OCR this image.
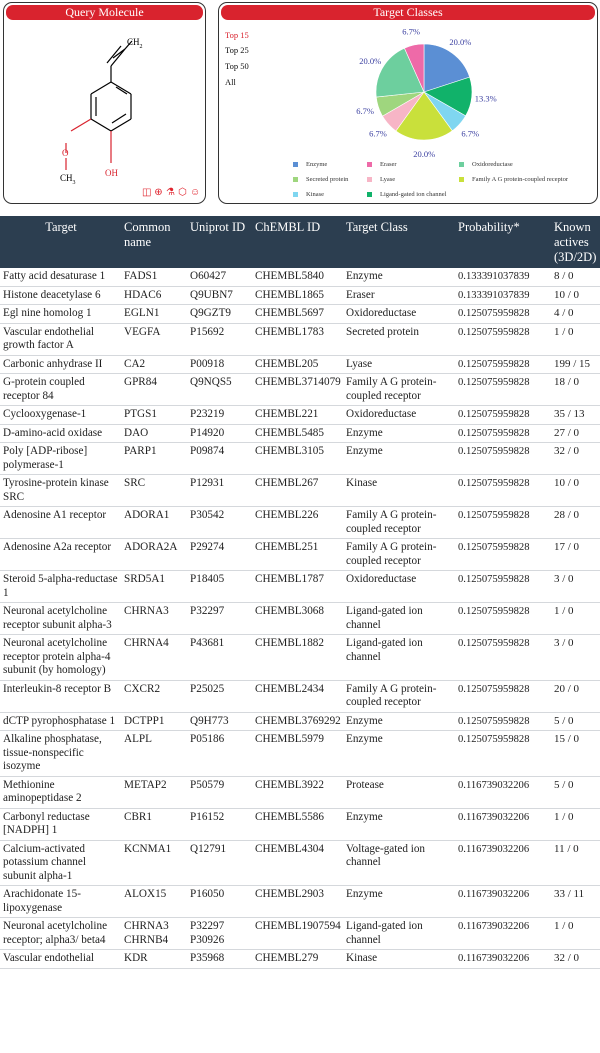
Query Molecule
$CH_2$
O
$CH_3$
OH
◫ ⊕ ⚗ ⬡ ☺
Target Classes
Top 15
Top 25
Top 50
All
20.0%
13.3%
6.7%
20.0%
6.7%
6.7%
20.0%
6.7%
Enzyme	Eraser	Oxidoreductase
Secreted protein	Lyase	Family A G protein-coupled receptor
Kinase	Ligand-gated ion channel
Target	Common name	Uniprot ID	ChEMBL ID	Target Class	Probability*	Known actives (3D/2D)
Fatty acid desaturase 1	FADS1	O60427	CHEMBL5840	Enzyme	0.133391037839	8 / 0
Histone deacetylase 6	HDAC6	Q9UBN7	CHEMBL1865	Eraser	0.133391037839	10 / 0
Egl nine homolog 1	EGLN1	Q9GZT9	CHEMBL5697	Oxidoreductase	0.125075959828	4 / 0
Vascular endothelial growth factor A	VEGFA	P15692	CHEMBL1783	Secreted protein	0.125075959828	1 / 0
Carbonic anhydrase II	CA2	P00918	CHEMBL205	Lyase	0.125075959828	199 / 15
G-protein coupled receptor 84	GPR84	Q9NQS5	CHEMBL3714079	Family A G protein-coupled receptor	0.125075959828	18 / 0
Cyclooxygenase-1	PTGS1	P23219	CHEMBL221	Oxidoreductase	0.125075959828	35 / 13
D-amino-acid oxidase	DAO	P14920	CHEMBL5485	Enzyme	0.125075959828	27 / 0
Poly [ADP-ribose] polymerase-1	PARP1	P09874	CHEMBL3105	Enzyme	0.125075959828	32 / 0
Tyrosine-protein kinase SRC	SRC	P12931	CHEMBL267	Kinase	0.125075959828	10 / 0
Adenosine A1 receptor	ADORA1	P30542	CHEMBL226	Family A G protein-coupled receptor	0.125075959828	28 / 0
Adenosine A2a receptor	ADORA2A	P29274	CHEMBL251	Family A G protein-coupled receptor	0.125075959828	17 / 0
Steroid 5-alpha-reductase 1	SRD5A1	P18405	CHEMBL1787	Oxidoreductase	0.125075959828	3 / 0
Neuronal acetylcholine receptor subunit alpha-3	CHRNA3	P32297	CHEMBL3068	Ligand-gated ion channel	0.125075959828	1 / 0
Neuronal acetylcholine receptor protein alpha-4 subunit (by homology)	CHRNA4	P43681	CHEMBL1882	Ligand-gated ion channel	0.125075959828	3 / 0
Interleukin-8 receptor B	CXCR2	P25025	CHEMBL2434	Family A G protein-coupled receptor	0.125075959828	20 / 0
dCTP pyrophosphatase 1	DCTPP1	Q9H773	CHEMBL3769292	Enzyme	0.125075959828	5 / 0
Alkaline phosphatase, tissue-nonspecific isozyme	ALPL	P05186	CHEMBL5979	Enzyme	0.125075959828	15 / 0
Methionine aminopeptidase 2	METAP2	P50579	CHEMBL3922	Protease	0.116739032206	5 / 0
Carbonyl reductase [NADPH] 1	CBR1	P16152	CHEMBL5586	Enzyme	0.116739032206	1 / 0
Calcium-activated potassium channel subunit alpha-1	KCNMA1	Q12791	CHEMBL4304	Voltage-gated ion channel	0.116739032206	11 / 0
Arachidonate 15-lipoxygenase	ALOX15	P16050	CHEMBL2903	Enzyme	0.116739032206	33 / 11
Neuronal acetylcholine receptor; alpha3/ beta4	CHRNA3 CHRNB4	P32297 P30926	CHEMBL1907594	Ligand-gated ion channel	0.116739032206	1 / 0
Vascular endothelial	KDR	P35968	CHEMBL279	Kinase	0.116739032206	32 / 0
